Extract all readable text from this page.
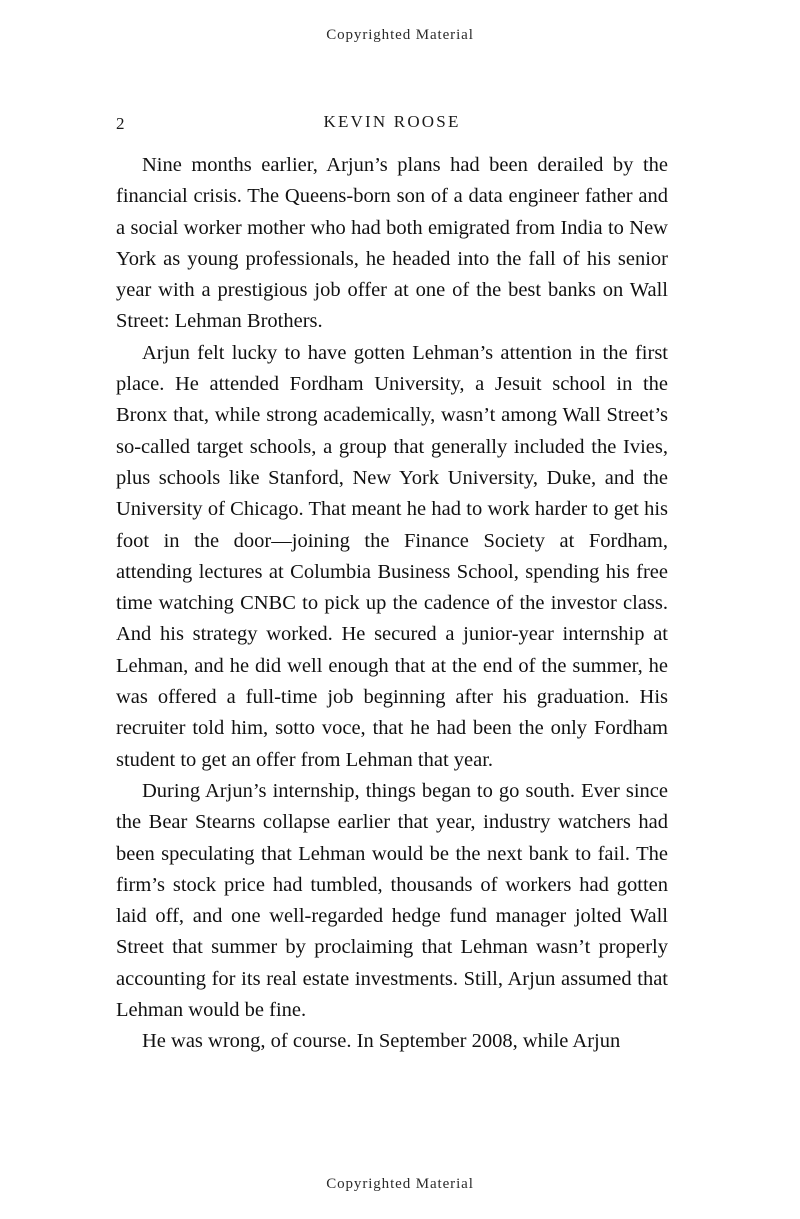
Copyrighted Material
2	KEVIN ROOSE

Nine months earlier, Arjun’s plans had been derailed by the financial crisis. The Queens-born son of a data engineer father and a social worker mother who had both emigrated from India to New York as young professionals, he headed into the fall of his senior year with a prestigious job offer at one of the best banks on Wall Street: Lehman Brothers.

Arjun felt lucky to have gotten Lehman’s attention in the first place. He attended Fordham University, a Jesuit school in the Bronx that, while strong academically, wasn’t among Wall Street’s so-called target schools, a group that generally included the Ivies, plus schools like Stanford, New York University, Duke, and the University of Chicago. That meant he had to work harder to get his foot in the door—joining the Finance Society at Fordham, attending lectures at Columbia Business School, spending his free time watching CNBC to pick up the cadence of the investor class. And his strategy worked. He secured a junior-year internship at Lehman, and he did well enough that at the end of the summer, he was offered a full-time job beginning after his graduation. His recruiter told him, sotto voce, that he had been the only Fordham student to get an offer from Lehman that year.

During Arjun’s internship, things began to go south. Ever since the Bear Stearns collapse earlier that year, industry watchers had been speculating that Lehman would be the next bank to fail. The firm’s stock price had tumbled, thousands of workers had gotten laid off, and one well-regarded hedge fund manager jolted Wall Street that summer by proclaiming that Lehman wasn’t properly accounting for its real estate investments. Still, Arjun assumed that Lehman would be fine.

He was wrong, of course. In September 2008, while Arjun

Copyrighted Material
